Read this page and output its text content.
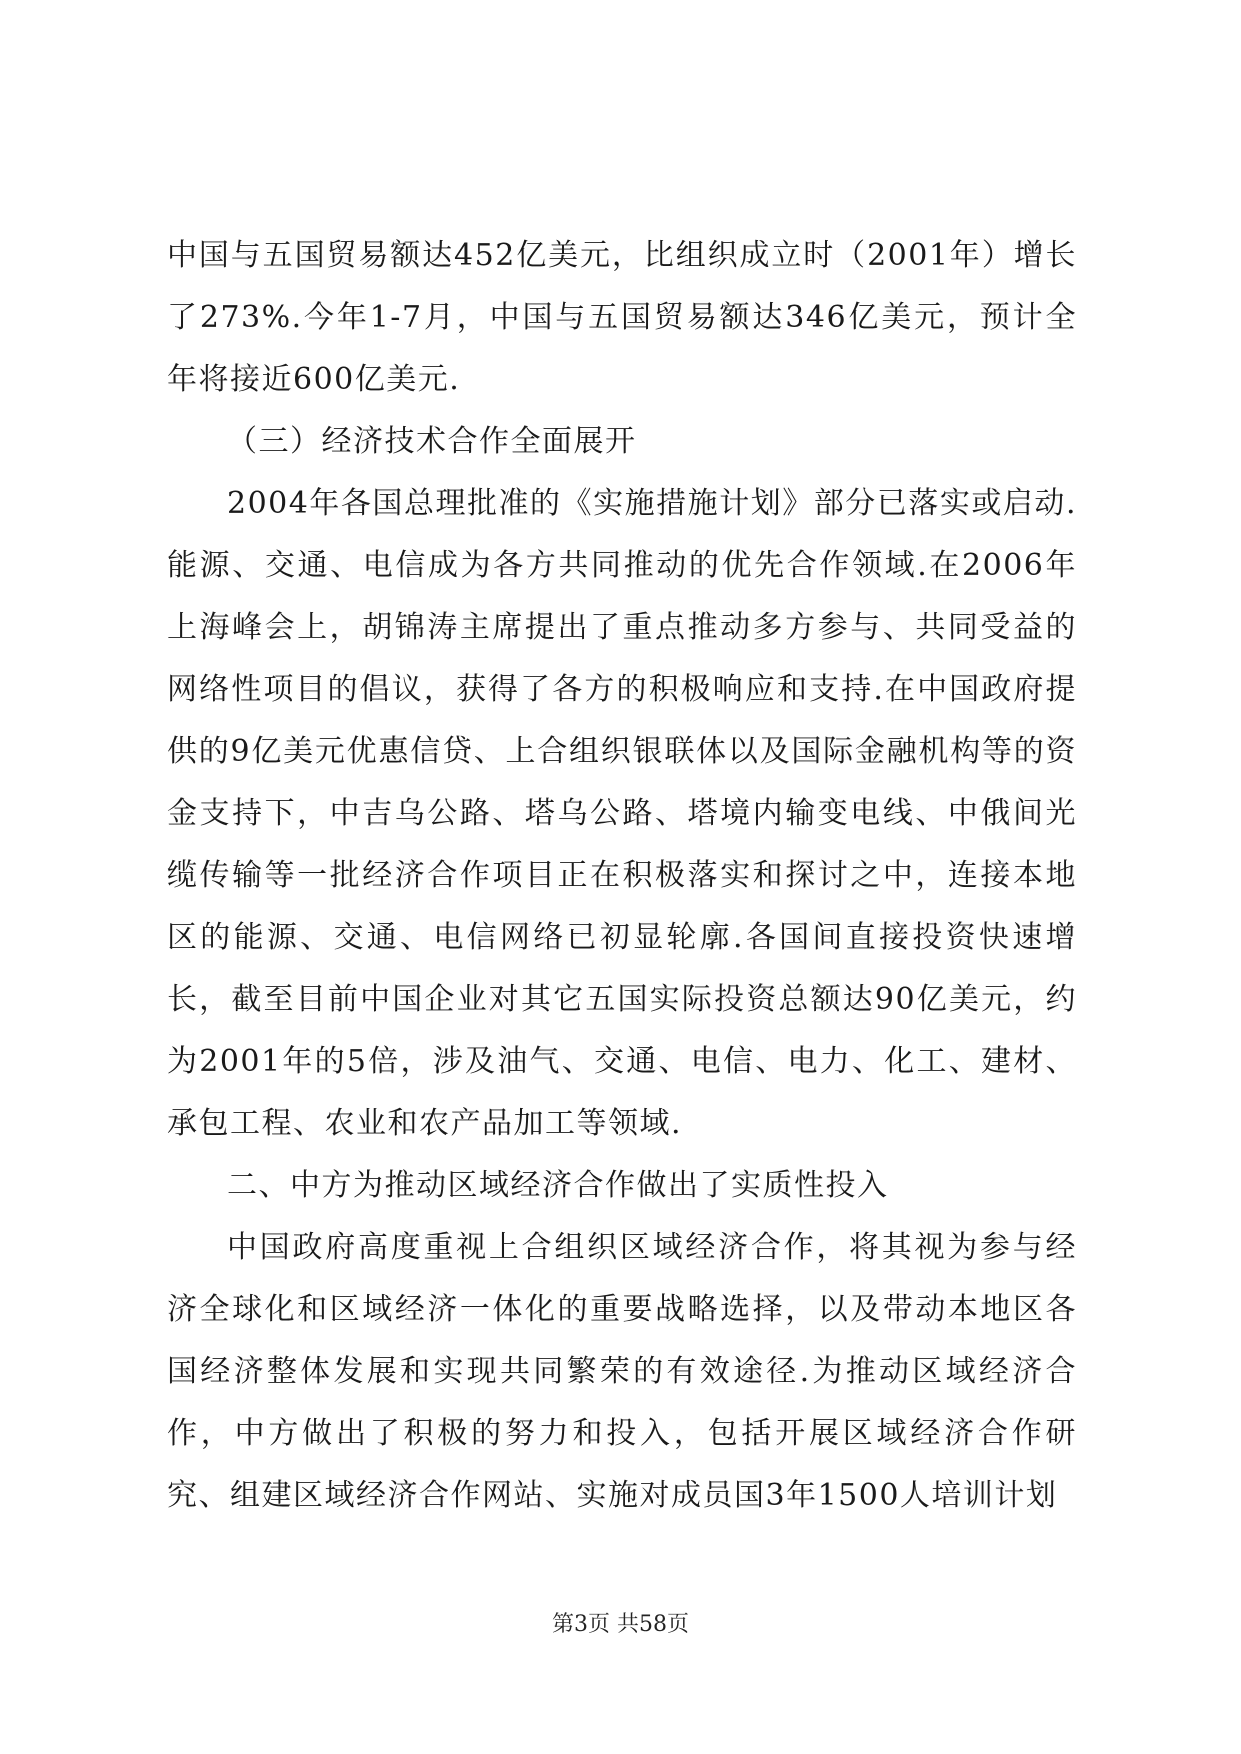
中国与五国贸易额达452亿美元，比组织成立时（2001年）增长了273%.今年1-7月，中国与五国贸易额达346亿美元，预计全年将接近600亿美元.

（三）经济技术合作全面展开

2004年各国总理批准的《实施措施计划》部分已落实或启动.能源、交通、电信成为各方共同推动的优先合作领域.在2006年上海峰会上，胡锦涛主席提出了重点推动多方参与、共同受益的网络性项目的倡议，获得了各方的积极响应和支持.在中国政府提供的9亿美元优惠信贷、上合组织银联体以及国际金融机构等的资金支持下，中吉乌公路、塔乌公路、塔境内输变电线、中俄间光缆传输等一批经济合作项目正在积极落实和探讨之中，连接本地区的能源、交通、电信网络已初显轮廓.各国间直接投资快速增长，截至目前中国企业对其它五国实际投资总额达90亿美元，约为2001年的5倍，涉及油气、交通、电信、电力、化工、建材、承包工程、农业和农产品加工等领域.

二、中方为推动区域经济合作做出了实质性投入

中国政府高度重视上合组织区域经济合作，将其视为参与经济全球化和区域经济一体化的重要战略选择，以及带动本地区各国经济整体发展和实现共同繁荣的有效途径.为推动区域经济合作，中方做出了积极的努力和投入，包括开展区域经济合作研究、组建区域经济合作网站、实施对成员国3年1500人培训计划

第3页 共58页
